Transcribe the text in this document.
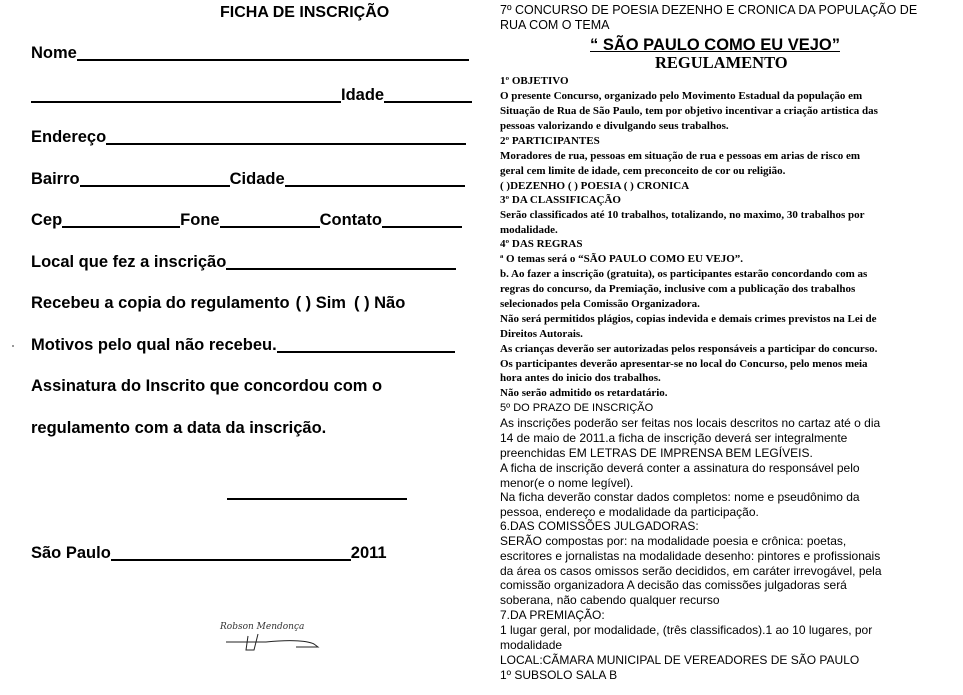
FICHA DE INSCRIÇÃO
Nome
Idade
Endereço
Bairro	Cidade
Cep	Fone	Contato
Local que fez a inscrição
Recebeu a copia do regulamento ( ) Sim ( ) Não
Motivos pelo qual não recebeu.
Assinatura do Inscrito que concordou com o
regulamento com a data da inscrição.
São Paulo	2011
Robson Mendonça
7º CONCURSO DE POESIA DEZENHO E CRONICA DA POPULAÇÃO DE
RUA COM O TEMA
“ SÃO PAULO COMO EU VEJO”
REGULAMENTO
1º OBJETIVO
O presente Concurso, organizado pelo Movimento Estadual da população em
Situação de Rua de São Paulo, tem por objetivo incentivar a criação artistica das
pessoas valorizando e divulgando seus trabalhos.
2º PARTICIPANTES
Moradores de rua, pessoas em situação de rua e pessoas em arias de risco em
geral cem limite de idade, cem preconceito de cor ou religião.
( )DEZENHO ( ) POESIA ( ) CRONICA
3º DA CLASSIFICAÇÃO
Serão classificados até 10 trabalhos, totalizando, no maximo, 30 trabalhos por
modalidade.
4º DAS REGRAS
ª O temas será o “SÃO PAULO COMO EU VEJO”.
b. Ao fazer a inscrição (gratuita), os participantes estarão concordando com as
regras do concurso, da Premiação, inclusive com a publicação dos trabalhos
selecionados pela Comissão Organizadora.
Não será permitidos plágios, copias indevida e demais crimes previstos na Lei de
Direitos Autorais.
As crianças deverão ser autorizadas pelos responsáveis a participar do concurso.
Os participantes deverão apresentar-se no local do Concurso, pelo menos meia
hora antes do inicio dos trabalhos.
Não serão admitido os retardatário.
5º DO PRAZO DE INSCRIÇÃO
As inscrições poderão ser feitas nos locais descritos no cartaz até o dia
14 de maio de 2011.a ficha de inscrição deverá ser integralmente
preenchidas EM LETRAS DE IMPRENSA BEM LEGÍVEIS.
A ficha de inscrição deverá conter a assinatura do responsável pelo
menor(e o nome legível).
Na ficha deverão constar dados completos: nome e pseudônimo da
pessoa, endereço e modalidade da participação.
6.DAS COMISSÕES JULGADORAS:
SERÃO compostas por: na modalidade poesia e crônica: poetas,
escritores e jornalistas na modalidade desenho: pintores e profissionais
da área os casos omissos serão decididos, em caráter irrevogável, pela
comissão organizadora A decisão das comissões julgadoras será
soberana, não cabendo qualquer recurso
7.DA PREMIAÇÃO:
1 lugar geral, por modalidade, (três classificados).1 ao 10 lugares, por
modalidade
LOCAL:CÃMARA MUNICIPAL DE VEREADORES DE SÃO PAULO
1º SUBSOLO SALA B
